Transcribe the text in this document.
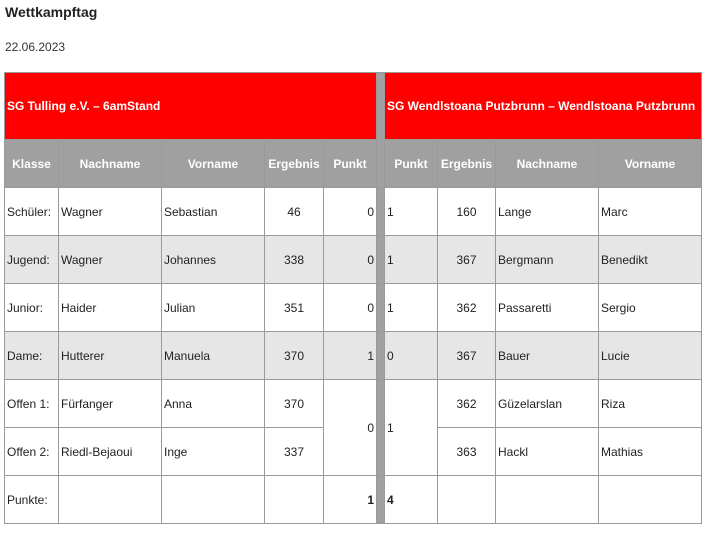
Wettkampftag
22.06.2023
SG Tulling e.V. – 6amStand						SG Wendlstoana Putzbrunn – Wendlstoana Putzbrunn			
Klasse	Nachname	Vorname	Ergebnis	Punkt		Punkt	Ergebnis	Nachname	Vorname
Schüler:	Wagner	Sebastian	46	0		1	160	Lange	Marc
Jugend:	Wagner	Johannes	338	0		1	367	Bergmann	Benedikt
Junior:	Haider	Julian	351	0		1	362	Passaretti	Sergio
Dame:	Hutterer	Manuela	370	1		0	367	Bauer	Lucie
Offen 1:	Fürfanger	Anna	370	0		1	362	Güzelarslan	Riza
Offen 2:	Riedl-Bejaoui	Inge	337				363	Hackl	Mathias
Punkte:				1		4			
